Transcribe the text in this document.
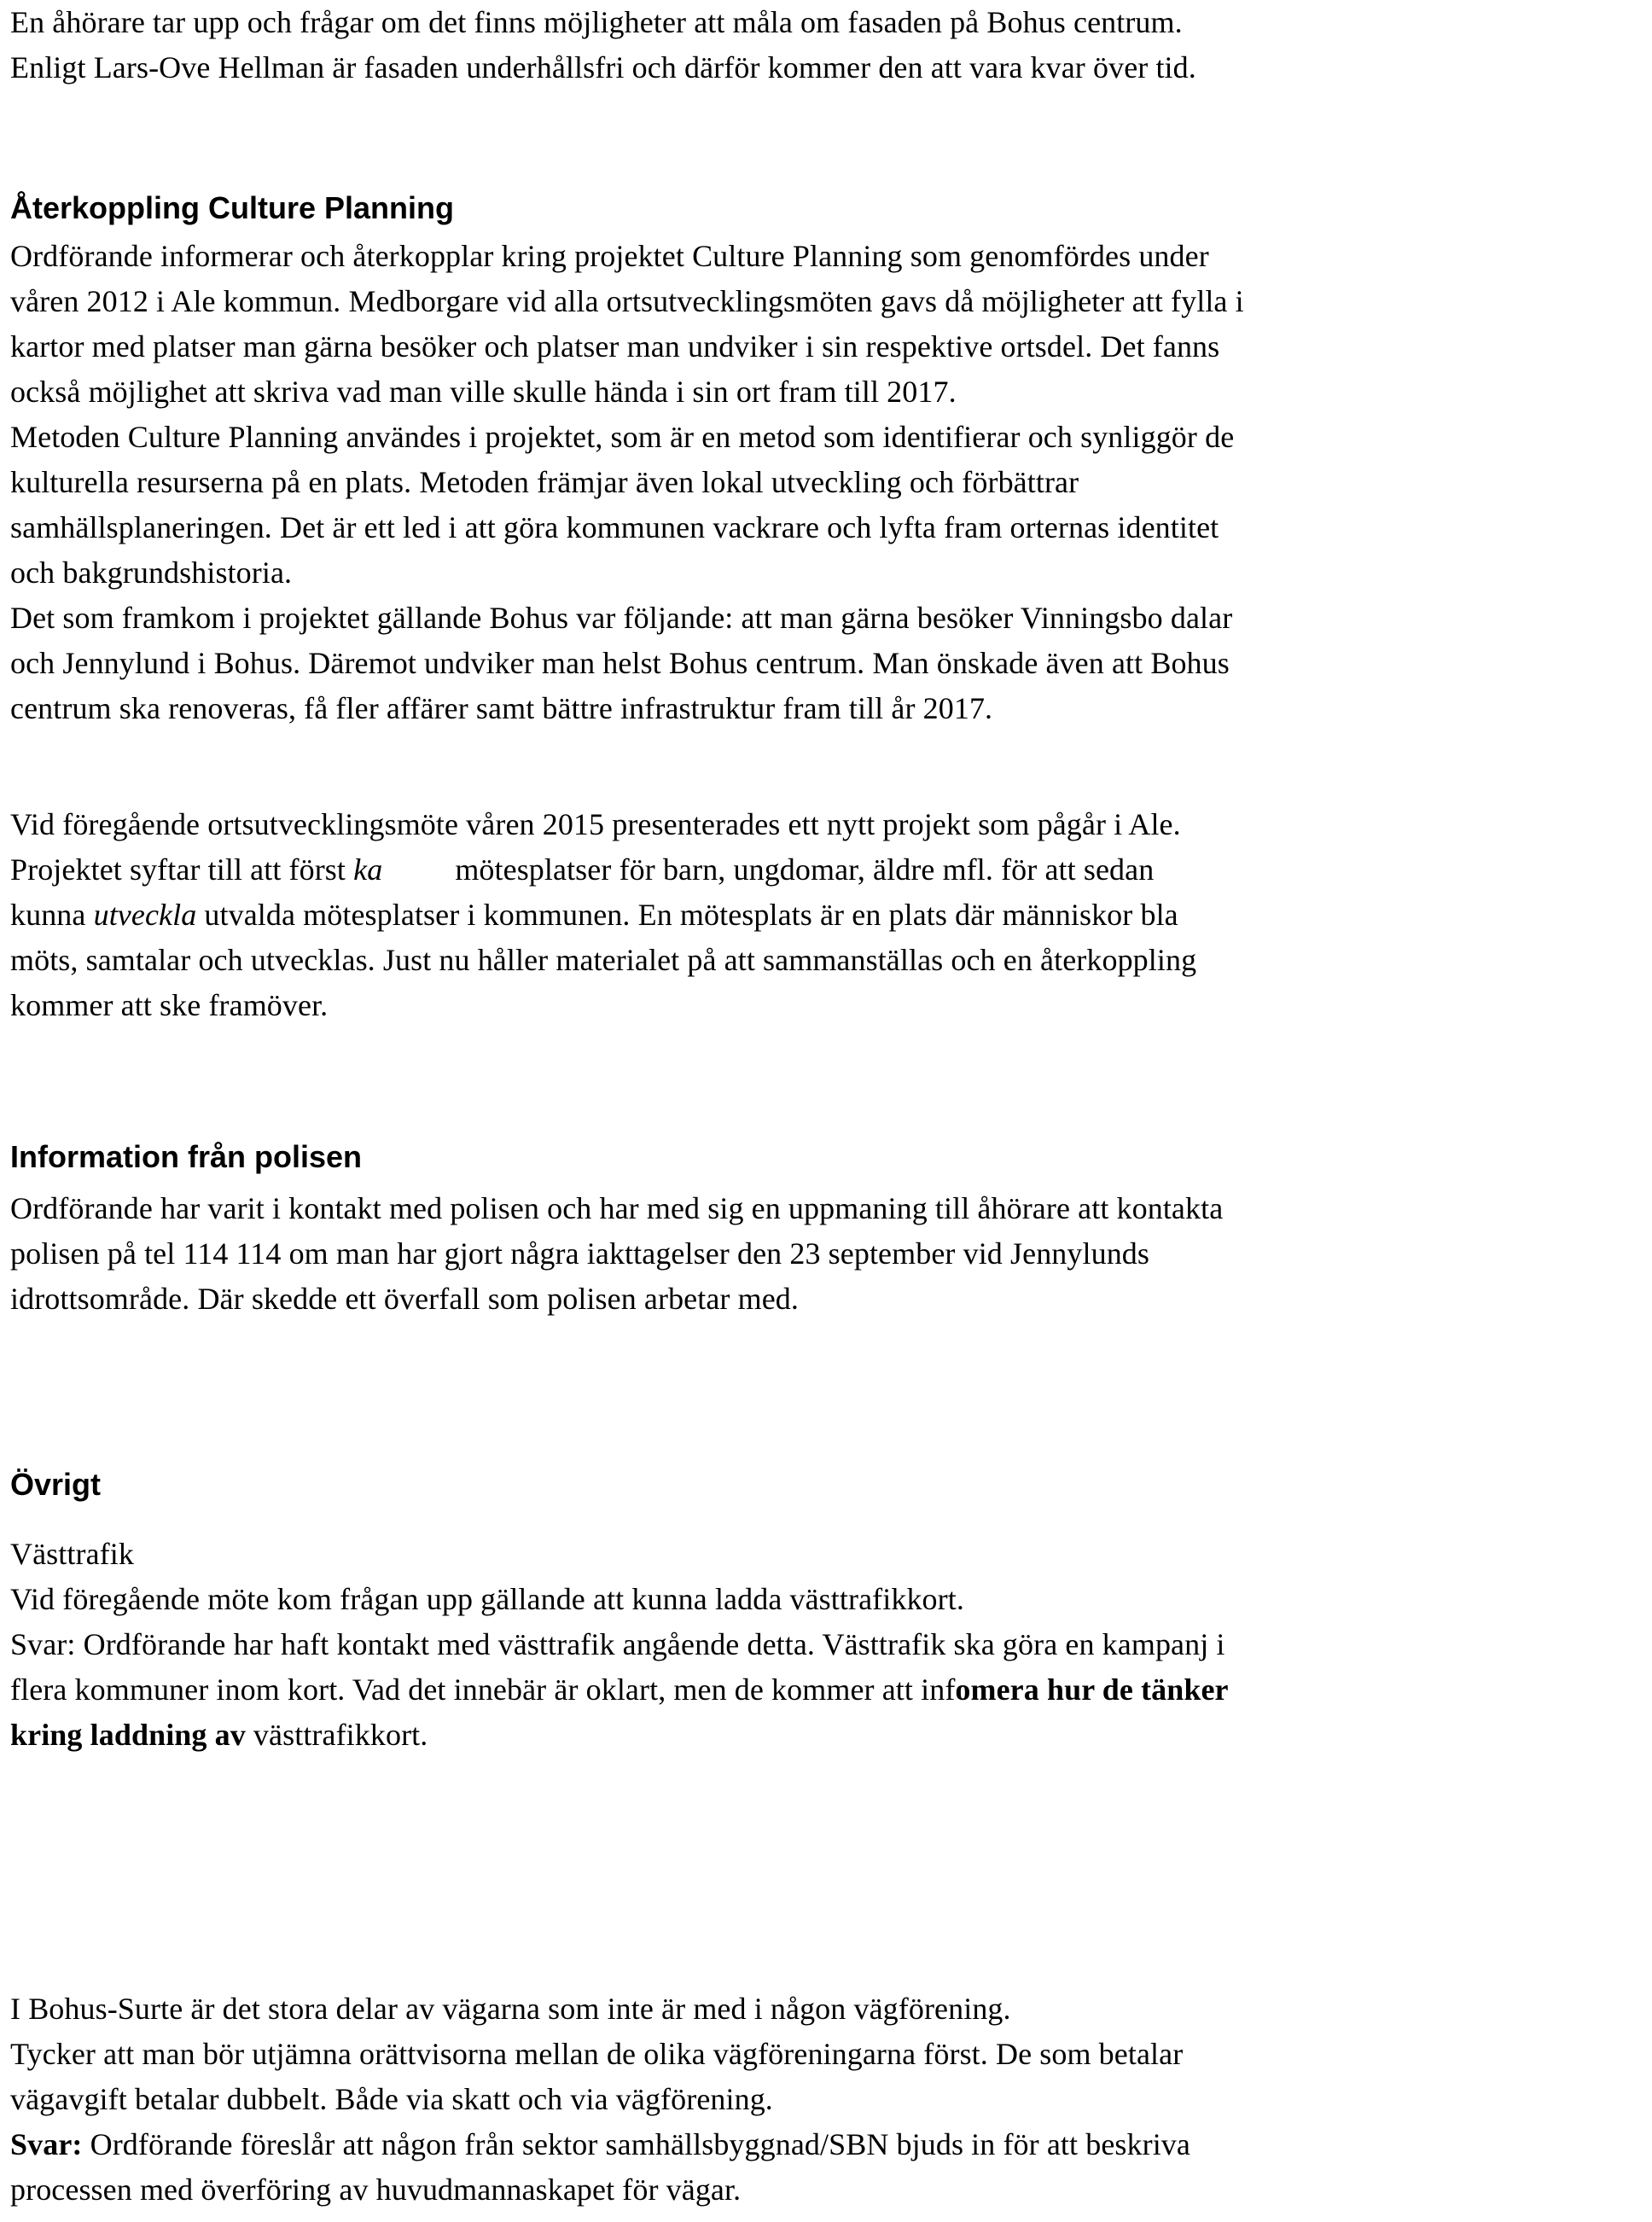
En åhörare tar upp och frågar om det finns möjligheter att måla om fasaden på Bohus centrum.
Enligt Lars-Ove Hellman är fasaden underhållsfri och därför kommer den att vara kvar över tid.
Återkoppling Culture Planning
Ordförande informerar och återkopplar kring projektet Culture Planning som genomfördes under
våren 2012 i Ale kommun. Medborgare vid alla ortsutvecklingsmöten gavs då möjligheter att fylla i
kartor med platser man gärna besöker och platser man undviker i sin respektive ortsdel. Det fanns
också möjlighet att skriva vad man ville skulle hända i sin ort fram till 2017.
Metoden Culture Planning användes i projektet, som är en metod som identifierar och synliggör de
kulturella resurserna på en plats. Metoden främjar även lokal utveckling och förbättrar
samhällsplaneringen. Det är ett led i att göra kommunen vackrare och lyfta fram orternas identitet
och bakgrundshistoria.
Det som framkom i projektet gällande Bohus var följande: att man gärna besöker Vinningsbo dalar
och Jennylund i Bohus. Däremot undviker man helst Bohus centrum. Man önskade även att Bohus
centrum ska renoveras, få fler affärer samt bättre infrastruktur fram till år 2017.
Vid föregående ortsutvecklingsmöte våren 2015 presenterades ett nytt projekt som pågår i Ale.
Projektet syftar till att först ka mötesplatser för barn, ungdomar, äldre mfl. för att sedan
kunna utveckla utvalda mötesplatser i kommunen. En mötesplats är en plats där människor bla
möts, samtalar och utvecklas. Just nu håller materialet på att sammanställas och en återkoppling
kommer att ske framöver.
Information från polisen
Ordförande har varit i kontakt med polisen och har med sig en uppmaning till åhörare att kontakta
polisen på tel 114 114 om man har gjort några iakttagelser den 23 september vid Jennylunds
idrottsområde. Där skedde ett överfall som polisen arbetar med.
Övrigt
Västtrafik
Vid föregående möte kom frågan upp gällande att kunna ladda västtrafikkort.
Svar: Ordförande har haft kontakt med västtrafik angående detta. Västtrafik ska göra en kampanj i
flera kommuner inom kort. Vad det innebär är oklart, men de kommer att infomera hur de tänker
kring laddning av västtrafikkort.
I Bohus-Surte är det stora delar av vägarna som inte är med i någon vägförening.
Tycker att man bör utjämna orättvisorna mellan de olika vägföreningarna först. De som betalar
vägavgift betalar dubbelt. Både via skatt och via vägförening.
Svar: Ordförande föreslår att någon från sektor samhällsbyggnad/SBN bjuds in för att beskriva
processen med överföring av huvudmannaskapet för vägar.
